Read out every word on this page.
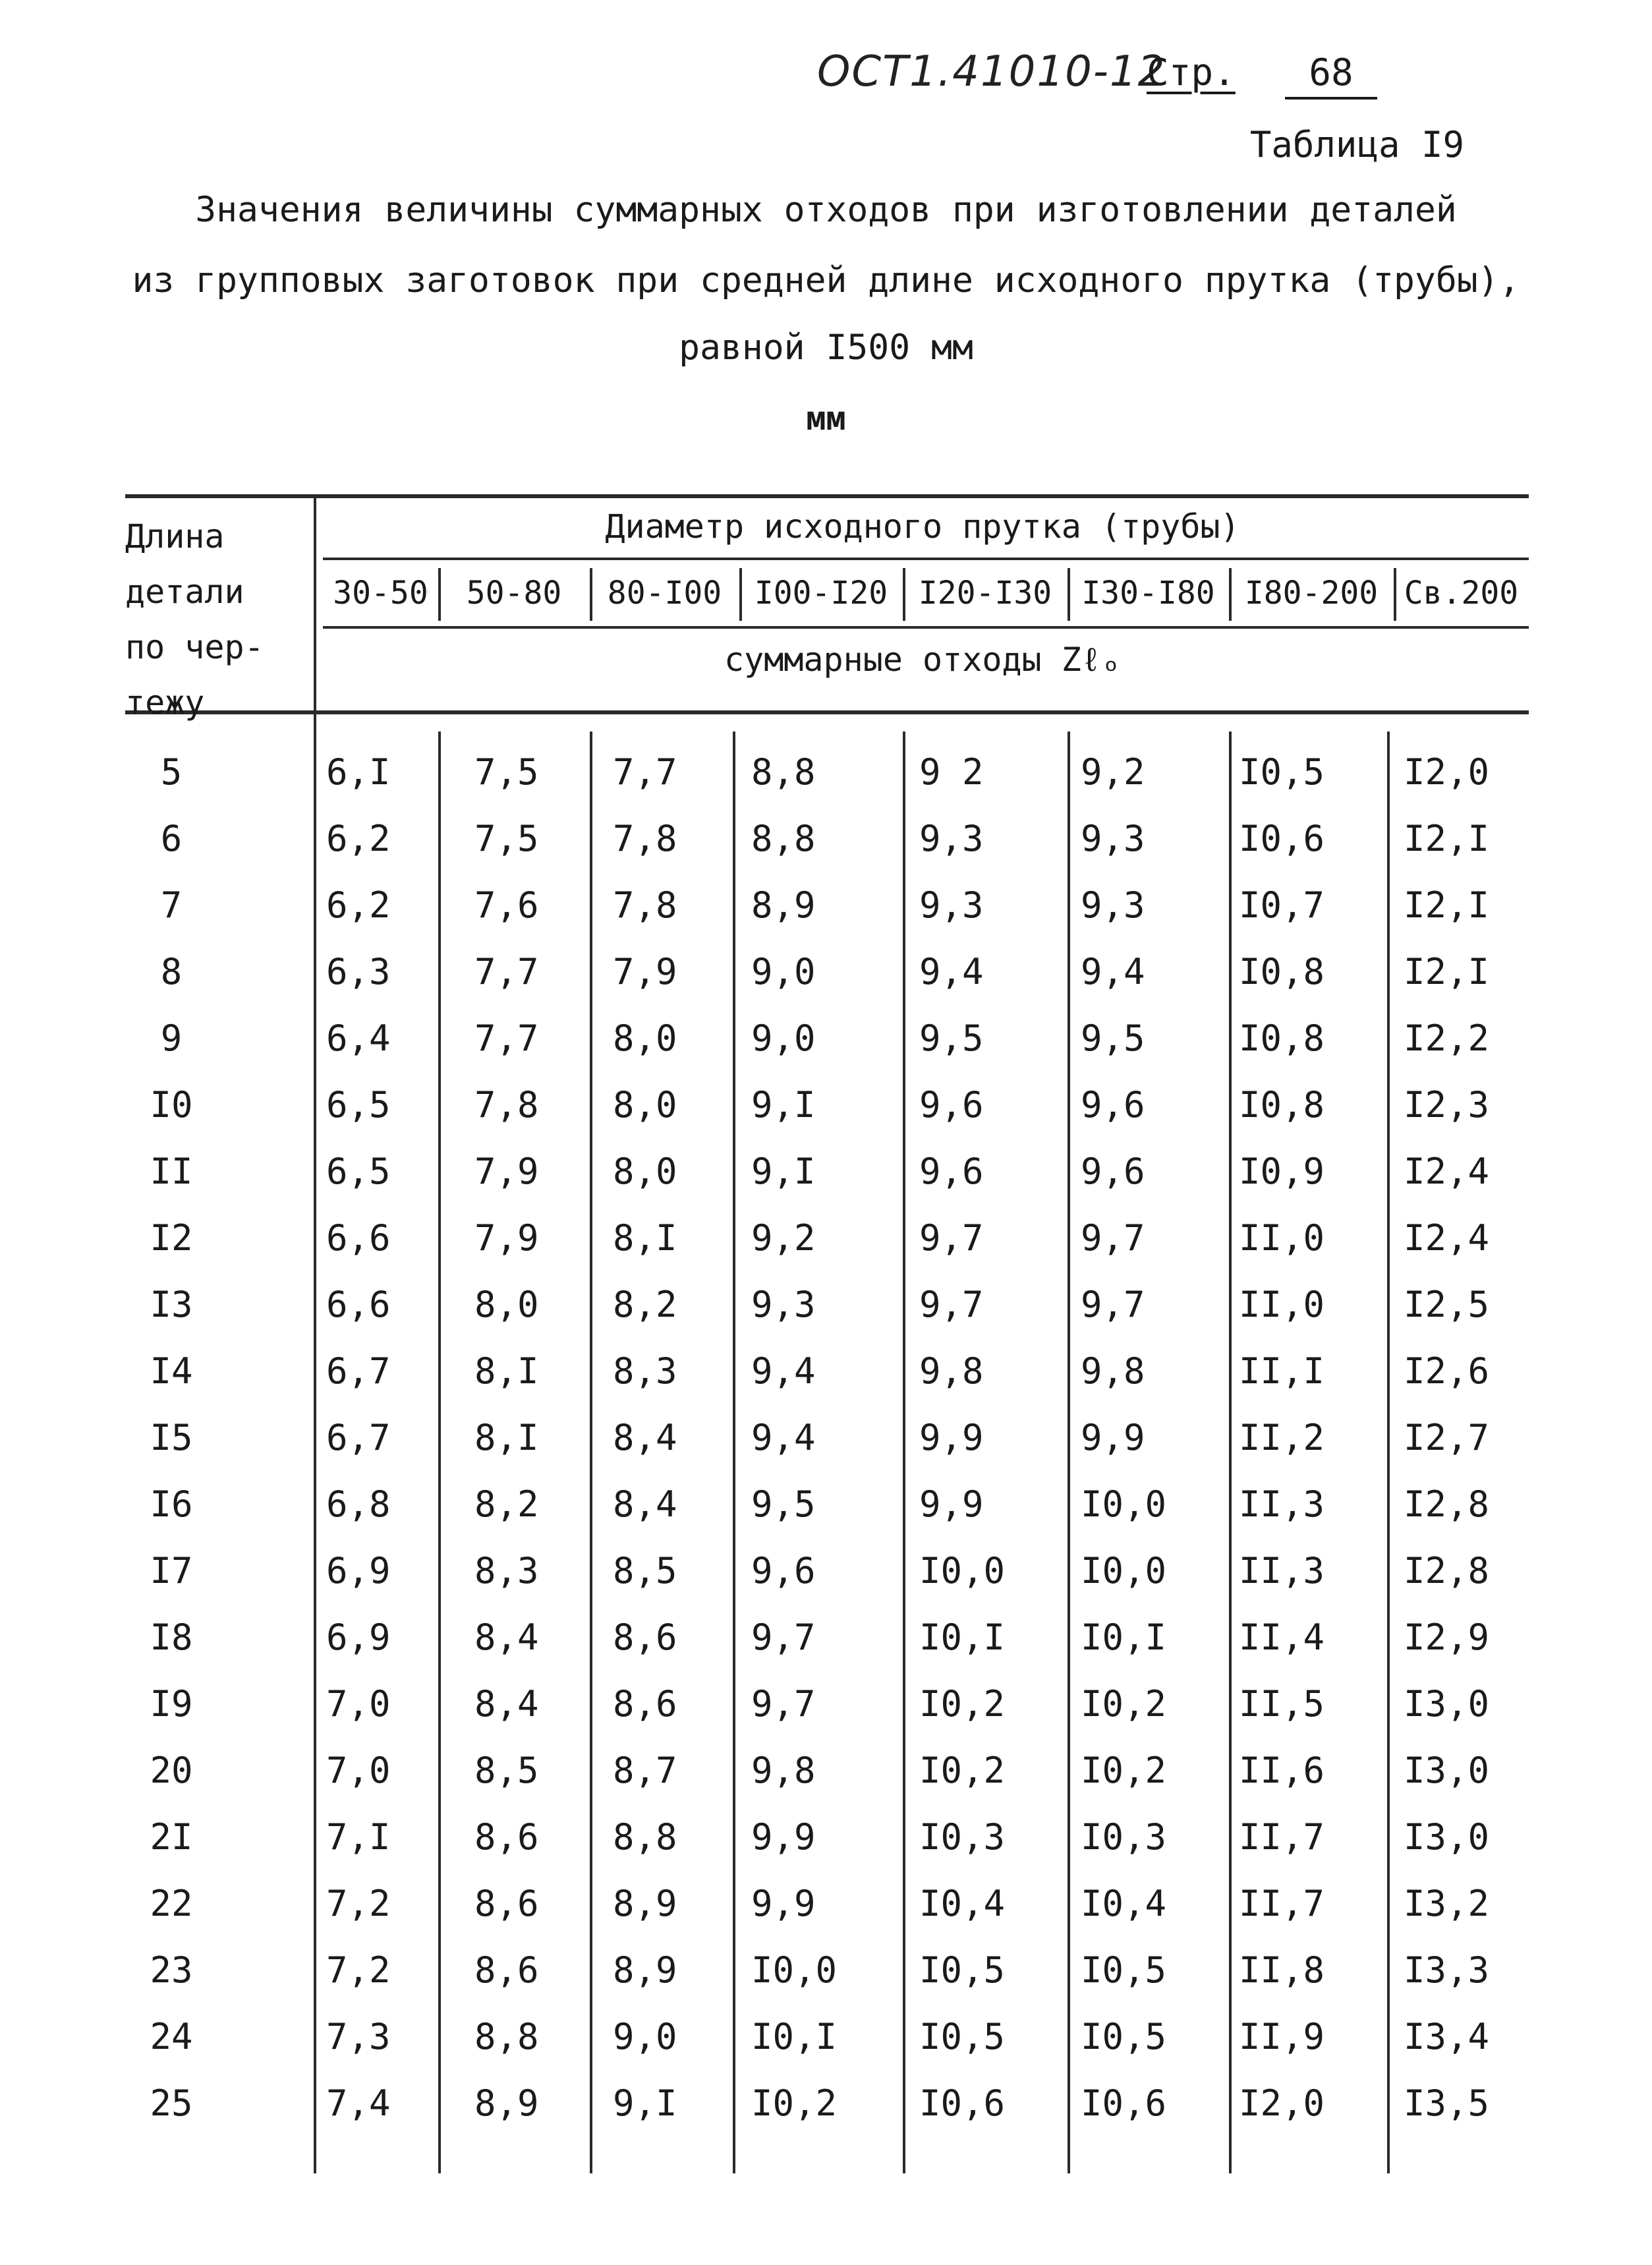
ОСТ1.41010-12
Стр.	68
Таблица I9
Значения величины суммарных отходов при изготовлении деталей
из групповых заготовок при средней длине исходного прутка (трубы),
равной I500 мм
мм
Длина
детали
по чер-
тежу
Диаметр исходного прутка (трубы)
суммарные отходы Zℓₒ
30-50	50-80	80-I00	I00-I20 I20-I30 I30-I80 I80-200 Св.200
5	6,I 7,5 7,7 8,8	9 2	9,2	I0,5 I2,0
6	6,2 7,5 7,8 8,8	9,3	9,3	I0,6 I2,I
7	6,2 7,6 7,8 8,9	9,3	9,3	I0,7 I2,I
8	6,3 7,7 7,9 9,0	9,4	9,4	I0,8 I2,I
9	6,4 7,7 8,0 9,0	9,5	9,5	I0,8 I2,2
I0	6,5 7,8 8,0 9,I	9,6	9,6	I0,8 I2,3
II	6,5 7,9 8,0 9,I	9,6	9,6	I0,9 I2,4
I2	6,6 7,9 8,I 9,2	9,7	9,7	II,0 I2,4
I3	6,6 8,0 8,2 9,3	9,7	9,7	II,0 I2,5
I4	6,7 8,I 8,3 9,4	9,8	9,8	II,I I2,6
I5	6,7 8,I 8,4 9,4	9,9	9,9	II,2 I2,7
I6	6,8 8,2 8,4 9,5	9,9	I0,0 II,3 I2,8
I7	6,9 8,3 8,5 9,6	I0,0 I0,0 II,3 I2,8
I8	6,9 8,4 8,6 9,7	I0,I I0,I II,4 I2,9
I9	7,0 8,4 8,6 9,7	I0,2 I0,2 II,5 I3,0
20	7,0 8,5 8,7 9,8	I0,2 I0,2 II,6 I3,0
2I	7,I 8,6 8,8 9,9	I0,3 I0,3 II,7 I3,0
22	7,2 8,6 8,9 9,9	I0,4 I0,4 II,7 I3,2
23	7,2 8,6 8,9 I0,0 I0,5 I0,5 II,8 I3,3
24	7,3 8,8 9,0 I0,I I0,5 I0,5 II,9 I3,4
25	7,4 8,9 9,I I0,2 I0,6 I0,6 I2,0 I3,5
